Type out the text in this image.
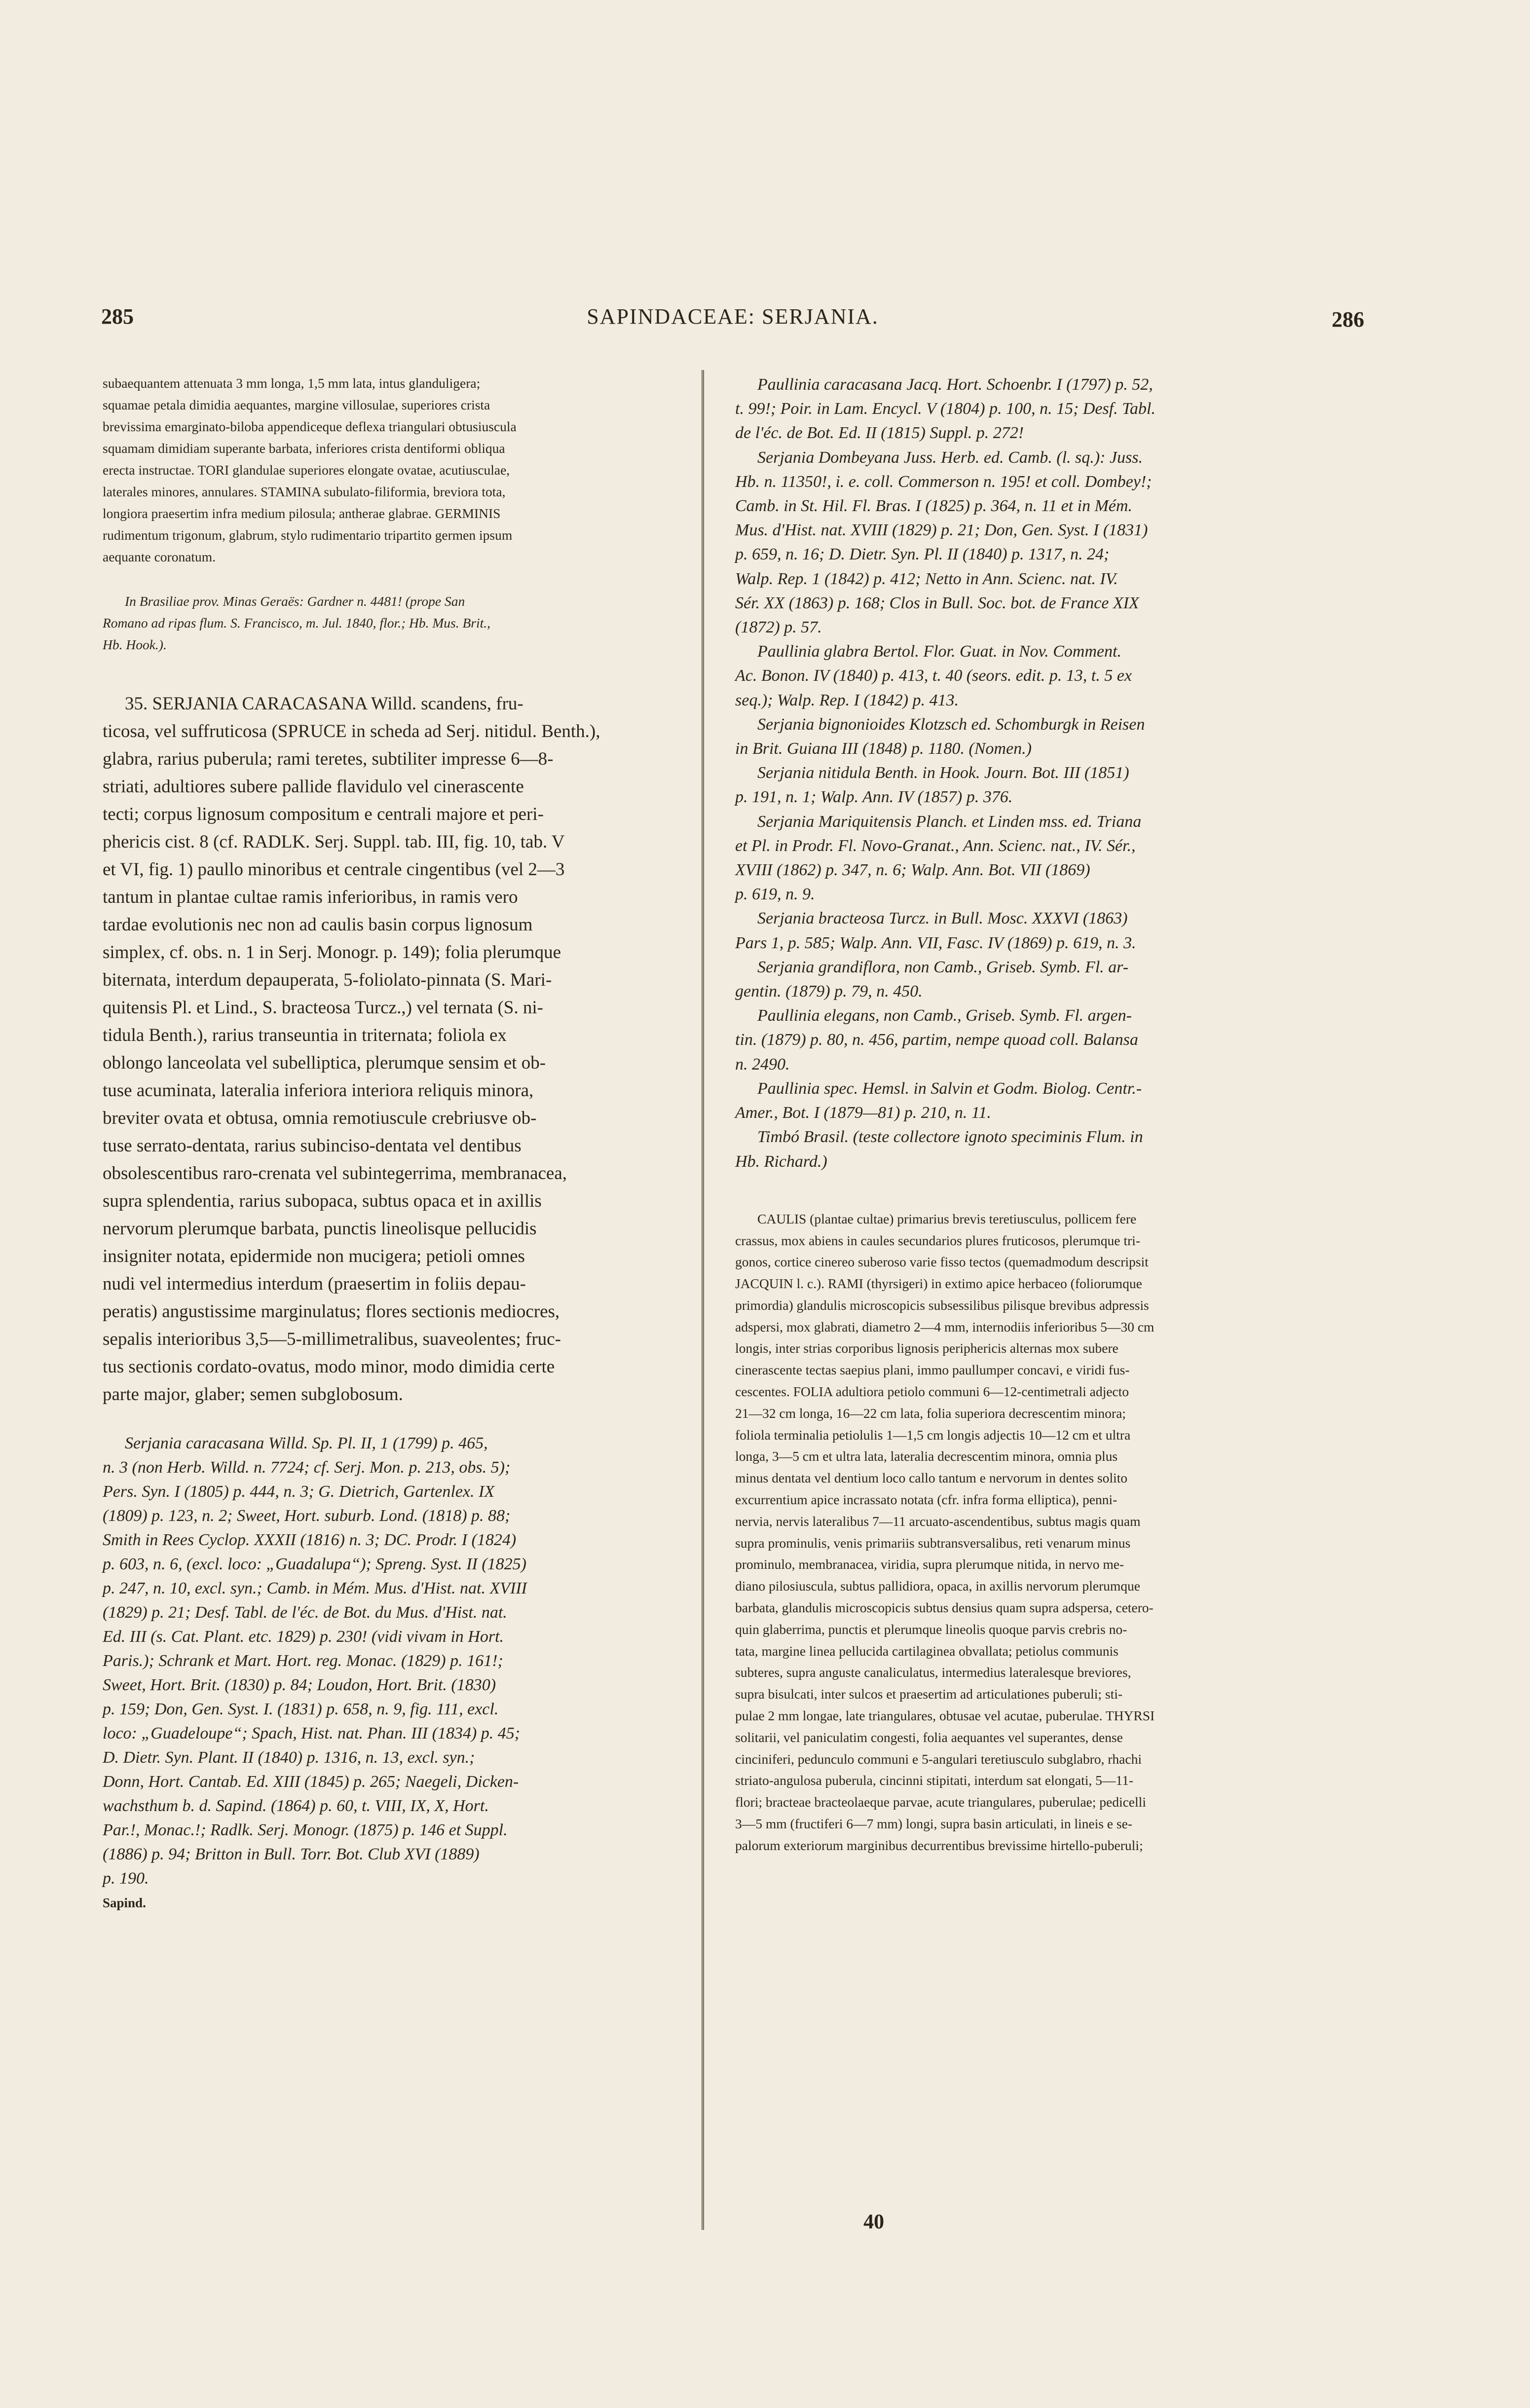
285	SAPINDACEAE: SERJANIA.	286

subaequantem attenuata 3 mm longa, 1,5 mm lata, intus glanduligera;

squamae petala dimidia aequantes, margine villosulae, superiores crista

brevissima emarginato-biloba appendiceque deflexa triangulari obtusiuscula

squamam dimidiam superante barbata, inferiores crista dentiformi obliqua

erecta instructae. TORI glandulae superiores elongate ovatae, acutiusculae,

laterales minores, annulares. STAMINA subulato-filiformia, breviora tota,

longiora praesertim infra medium pilosula; antherae glabrae. GERMINIS

rudimentum trigonum, glabrum, stylo rudimentario tripartito germen ipsum

aequante coronatum.

In Brasiliae prov. Minas Geraës: Gardner n. 4481! (prope San

Romano ad ripas flum. S. Francisco, m. Jul. 1840, flor.; Hb. Mus. Brit.,

Hb. Hook.).

35. SERJANIA CARACASANA Willd. scandens, fru-

ticosa, vel suffruticosa (SPRUCE in scheda ad Serj. nitidul. Benth.),

glabra, rarius puberula; rami teretes, subtiliter impresse 6—8-

striati, adultiores subere pallide flavidulo vel cinerascente

tecti; corpus lignosum compositum e centrali majore et peri-

phericis cist. 8 (cf. RADLK. Serj. Suppl. tab. III, fig. 10, tab. V

et VI, fig. 1) paullo minoribus et centrale cingentibus (vel 2—3

tantum in plantae cultae ramis inferioribus, in ramis vero

tardae evolutionis nec non ad caulis basin corpus lignosum

simplex, cf. obs. n. 1 in Serj. Monogr. p. 149); folia plerumque

biternata, interdum depauperata, 5-foliolato-pinnata (S. Mari-

quitensis Pl. et Lind., S. bracteosa Turcz.,) vel ternata (S. ni-

tidula Benth.), rarius transeuntia in triternata; foliola ex

oblongo lanceolata vel subelliptica, plerumque sensim et ob-

tuse acuminata, lateralia inferiora interiora reliquis minora,

breviter ovata et obtusa, omnia remotiuscule crebriusve ob-

tuse serrato-dentata, rarius subinciso-dentata vel dentibus

obsolescentibus raro-crenata vel subintegerrima, membranacea,

supra splendentia, rarius subopaca, subtus opaca et in axillis

nervorum plerumque barbata, punctis lineolisque pellucidis

insigniter notata, epidermide non mucigera; petioli omnes

nudi vel intermedius interdum (praesertim in foliis depau-

peratis) angustissime marginulatus; flores sectionis mediocres,

sepalis interioribus 3,5—5-millimetralibus, suaveolentes; fruc-

tus sectionis cordato-ovatus, modo minor, modo dimidia certe

parte major, glaber; semen subglobosum.

Serjania caracasana Willd. Sp. Pl. II, 1 (1799) p. 465,

n. 3 (non Herb. Willd. n. 7724; cf. Serj. Mon. p. 213, obs. 5);

Pers. Syn. I (1805) p. 444, n. 3; G. Dietrich, Gartenlex. IX

(1809) p. 123, n. 2; Sweet, Hort. suburb. Lond. (1818) p. 88;

Smith in Rees Cyclop. XXXII (1816) n. 3; DC. Prodr. I (1824)

p. 603, n. 6, (excl. loco: „Guadalupa“); Spreng. Syst. II (1825)

p. 247, n. 10, excl. syn.; Camb. in Mém. Mus. d'Hist. nat. XVIII

(1829) p. 21; Desf. Tabl. de l'éc. de Bot. du Mus. d'Hist. nat.

Ed. III (s. Cat. Plant. etc. 1829) p. 230! (vidi vivam in Hort.

Paris.); Schrank et Mart. Hort. reg. Monac. (1829) p. 161!;

Sweet, Hort. Brit. (1830) p. 84; Loudon, Hort. Brit. (1830)

p. 159; Don, Gen. Syst. I. (1831) p. 658, n. 9, fig. 111, excl.

loco: „Guadeloupe“; Spach, Hist. nat. Phan. III (1834) p. 45;

D. Dietr. Syn. Plant. II (1840) p. 1316, n. 13, excl. syn.;

Donn, Hort. Cantab. Ed. XIII (1845) p. 265; Naegeli, Dicken-

wachsthum b. d. Sapind. (1864) p. 60, t. VIII, IX, X, Hort.

Par.!, Monac.!; Radlk. Serj. Monogr. (1875) p. 146 et Suppl.

(1886) p. 94; Britton in Bull. Torr. Bot. Club XVI (1889)

p. 190.

Sapind.

Paullinia caracasana Jacq. Hort. Schoenbr. I (1797) p. 52,

t. 99!; Poir. in Lam. Encycl. V (1804) p. 100, n. 15; Desf. Tabl.

de l'éc. de Bot. Ed. II (1815) Suppl. p. 272!

Serjania Dombeyana Juss. Herb. ed. Camb. (l. sq.): Juss.

Hb. n. 11350!, i. e. coll. Commerson n. 195! et coll. Dombey!;

Camb. in St. Hil. Fl. Bras. I (1825) p. 364, n. 11 et in Mém.

Mus. d'Hist. nat. XVIII (1829) p. 21; Don, Gen. Syst. I (1831)

p. 659, n. 16; D. Dietr. Syn. Pl. II (1840) p. 1317, n. 24;

Walp. Rep. 1 (1842) p. 412; Netto in Ann. Scienc. nat. IV.

Sér. XX (1863) p. 168; Clos in Bull. Soc. bot. de France XIX

(1872) p. 57.

Paullinia glabra Bertol. Flor. Guat. in Nov. Comment.

Ac. Bonon. IV (1840) p. 413, t. 40 (seors. edit. p. 13, t. 5 ex

seq.); Walp. Rep. I (1842) p. 413.

Serjania bignonioides Klotzsch ed. Schomburgk in Reisen

in Brit. Guiana III (1848) p. 1180. (Nomen.)

Serjania nitidula Benth. in Hook. Journ. Bot. III (1851)

p. 191, n. 1; Walp. Ann. IV (1857) p. 376.

Serjania Mariquitensis Planch. et Linden mss. ed. Triana

et Pl. in Prodr. Fl. Novo-Granat., Ann. Scienc. nat., IV. Sér.,

XVIII (1862) p. 347, n. 6; Walp. Ann. Bot. VII (1869)

p. 619, n. 9.

Serjania bracteosa Turcz. in Bull. Mosc. XXXVI (1863)

Pars 1, p. 585; Walp. Ann. VII, Fasc. IV (1869) p. 619, n. 3.

Serjania grandiflora, non Camb., Griseb. Symb. Fl. ar-

gentin. (1879) p. 79, n. 450.

Paullinia elegans, non Camb., Griseb. Symb. Fl. argen-

tin. (1879) p. 80, n. 456, partim, nempe quoad coll. Balansa

n. 2490.

Paullinia spec. Hemsl. in Salvin et Godm. Biolog. Centr.-

Amer., Bot. I (1879—81) p. 210, n. 11.

Timbó Brasil. (teste collectore ignoto speciminis Flum. in

Hb. Richard.)

CAULIS (plantae cultae) primarius brevis teretiusculus, pollicem fere

crassus, mox abiens in caules secundarios plures fruticosos, plerumque tri-

gonos, cortice cinereo suberoso varie fisso tectos (quemadmodum descripsit

JACQUIN l. c.). RAMI (thyrsigeri) in extimo apice herbaceo (foliorumque

primordia) glandulis microscopicis subsessilibus pilisque brevibus adpressis

adspersi, mox glabrati, diametro 2—4 mm, internodiis inferioribus 5—30 cm

longis, inter strias corporibus lignosis periphericis alternas mox subere

cinerascente tectas saepius plani, immo paullumper concavi, e viridi fus-

cescentes. FOLIA adultiora petiolo communi 6—12-centimetrali adjecto

21—32 cm longa, 16—22 cm lata, folia superiora decrescentim minora;

foliola terminalia petiolulis 1—1,5 cm longis adjectis 10—12 cm et ultra

longa, 3—5 cm et ultra lata, lateralia decrescentim minora, omnia plus

minus dentata vel dentium loco callo tantum e nervorum in dentes solito

excurrentium apice incrassato notata (cfr. infra forma elliptica), penni-

nervia, nervis lateralibus 7—11 arcuato-ascendentibus, subtus magis quam

supra prominulis, venis primariis subtransversalibus, reti venarum minus

prominulo, membranacea, viridia, supra plerumque nitida, in nervo me-

diano pilosiuscula, subtus pallidiora, opaca, in axillis nervorum plerumque

barbata, glandulis microscopicis subtus densius quam supra adspersa, cetero-

quin glaberrima, punctis et plerumque lineolis quoque parvis crebris no-

tata, margine linea pellucida cartilaginea obvallata; petiolus communis

subteres, supra anguste canaliculatus, intermedius lateralesque breviores,

supra bisulcati, inter sulcos et praesertim ad articulationes puberuli; sti-

pulae 2 mm longae, late triangulares, obtusae vel acutae, puberulae. THYRSI

solitarii, vel paniculatim congesti, folia aequantes vel superantes, dense

cinciniferi, pedunculo communi e 5-angulari teretiusculo subglabro, rhachi

striato-angulosa puberula, cincinni stipitati, interdum sat elongati, 5—11-

flori; bracteae bracteolaeque parvae, acute triangulares, puberulae; pedicelli

3—5 mm (fructiferi 6—7 mm) longi, supra basin articulati, in lineis e se-

palorum exteriorum marginibus decurrentibus brevissime hirtello-puberuli;

40
